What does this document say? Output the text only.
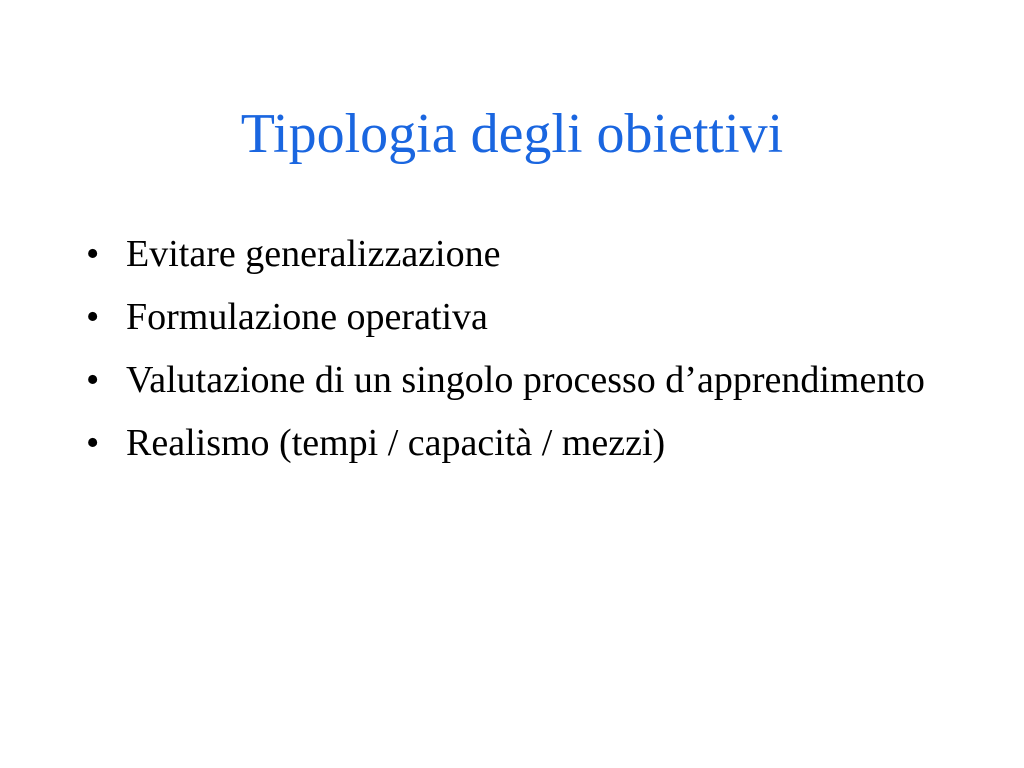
Tipologia degli obiettivi
• Evitare generalizzazione
• Formulazione operativa
• Valutazione di un singolo processo d’apprendimento
• Realismo (tempi / capacità / mezzi)
